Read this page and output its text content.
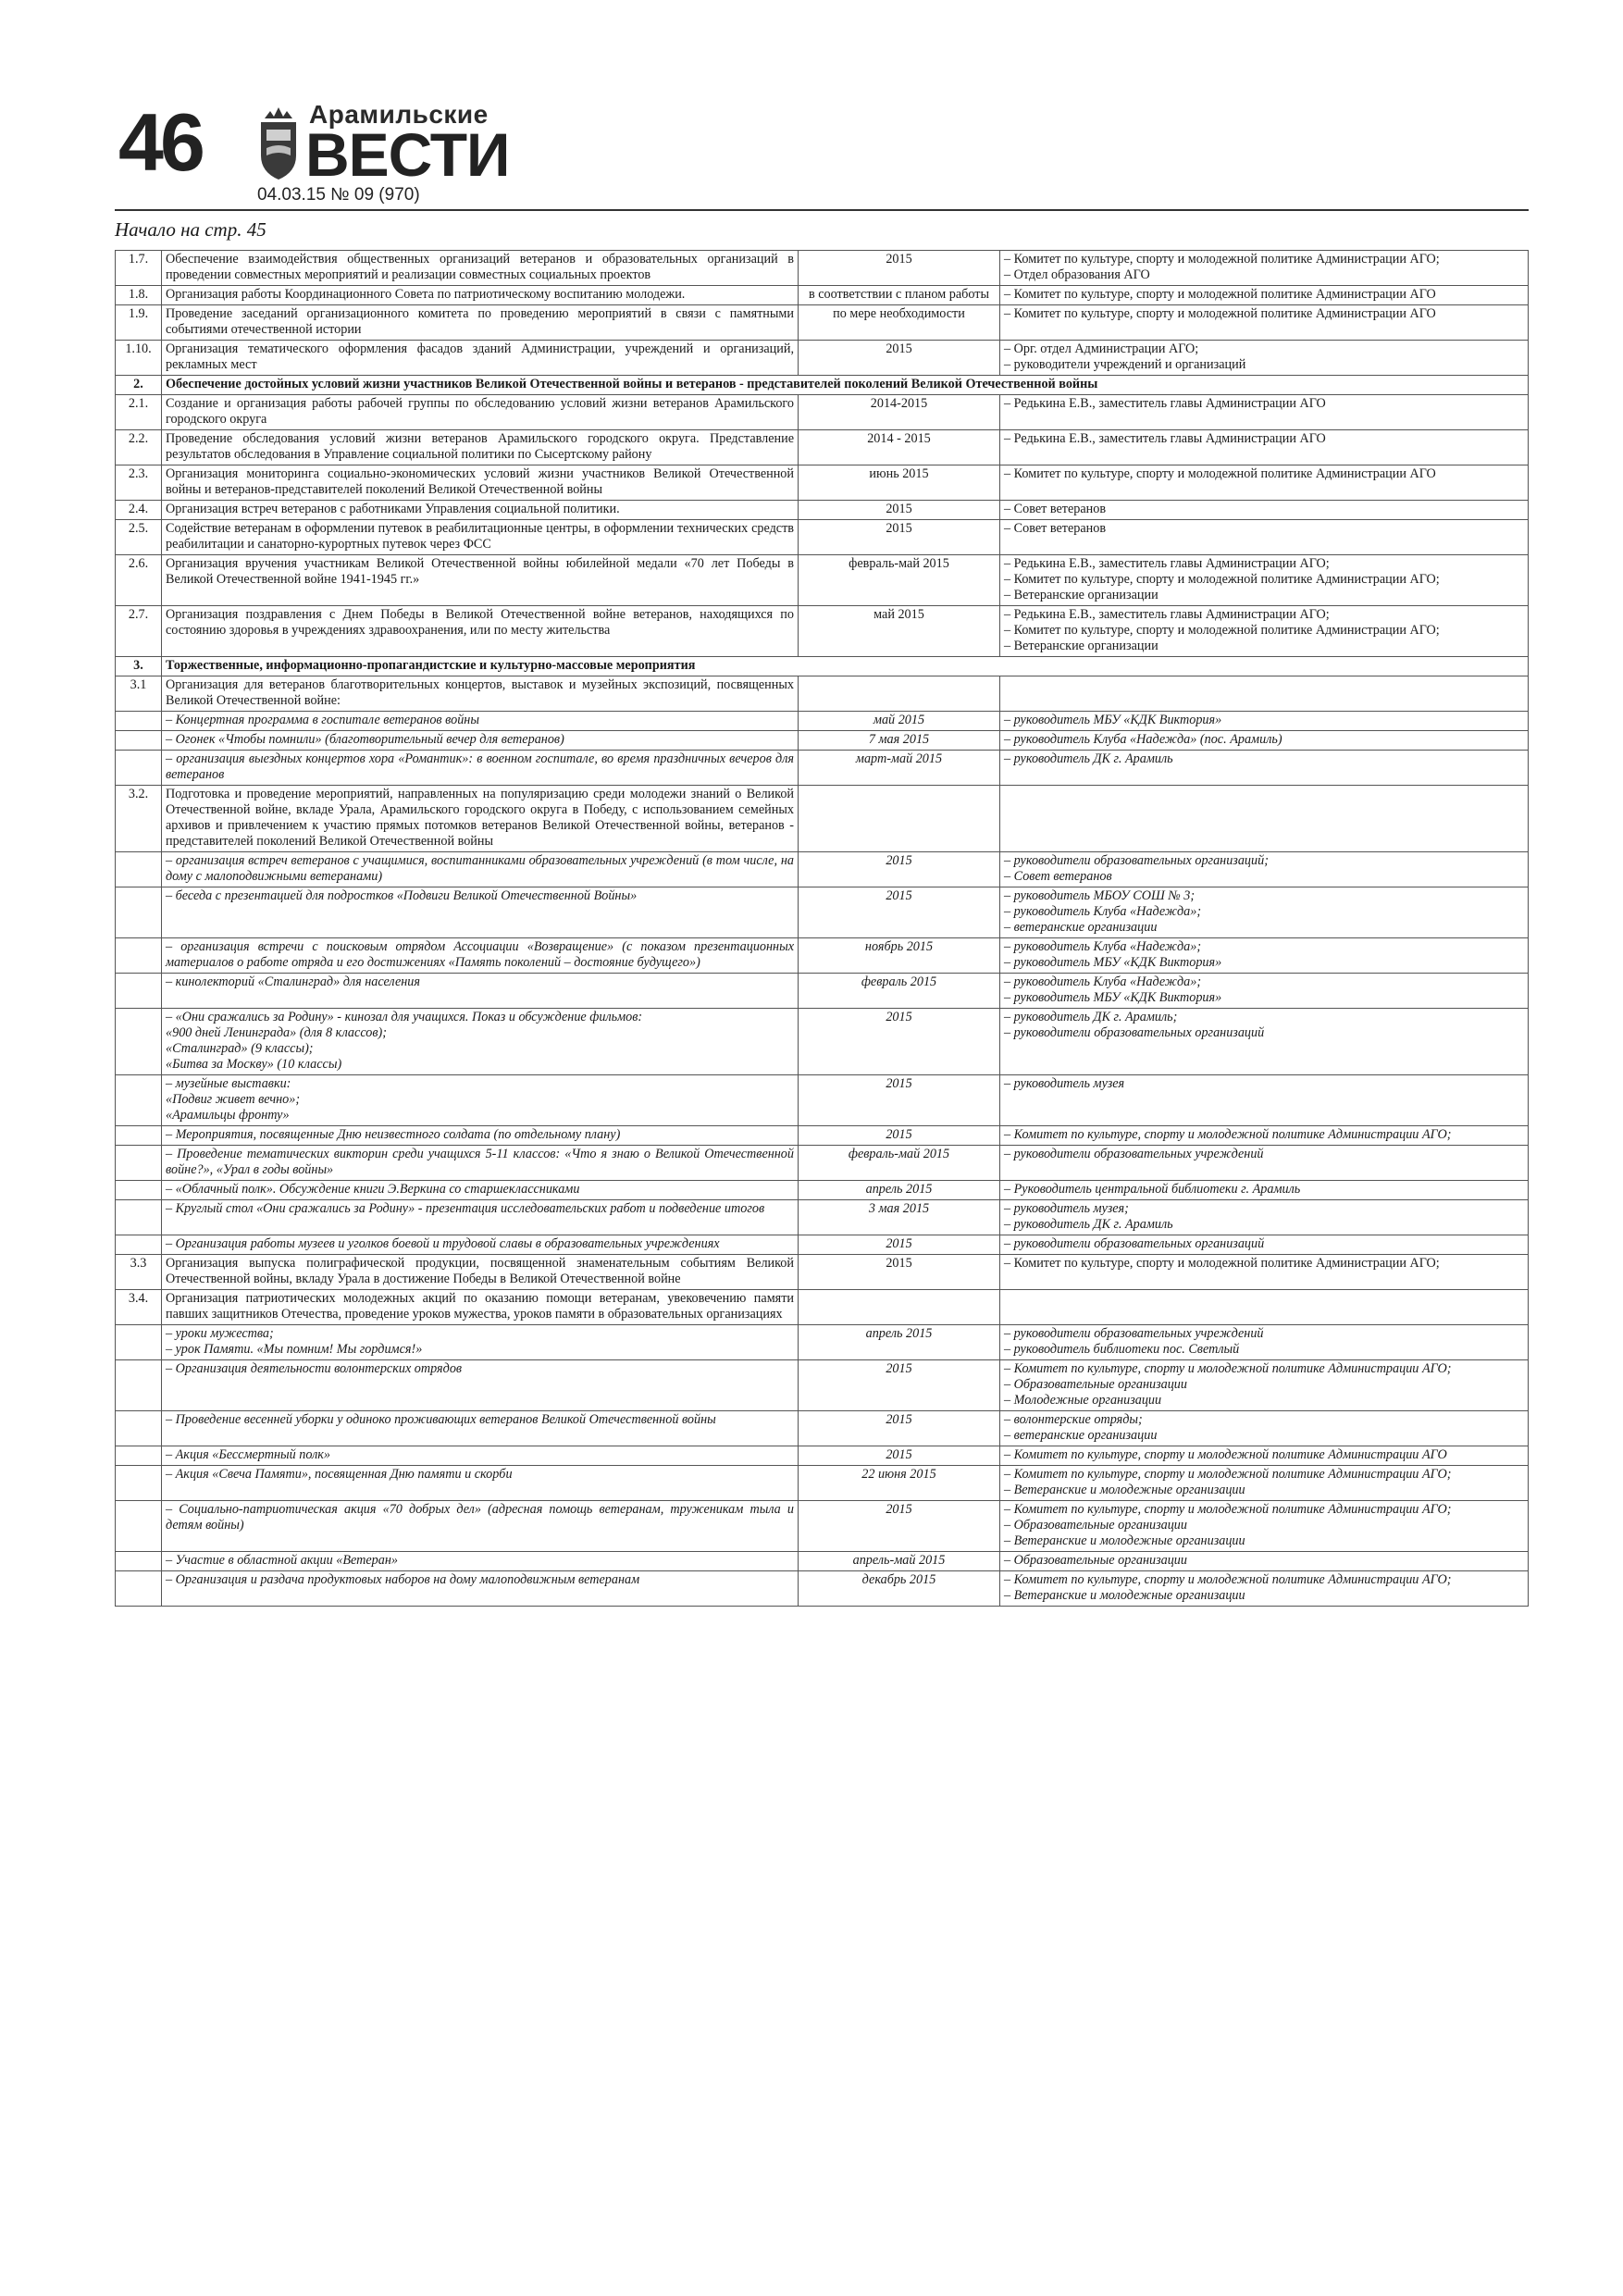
46	Арамильские
ВЕСТИ
04.03.15 № 09 (970)
Начало на стр. 45
1.7.	Обеспечение взаимодействия общественных организаций ветеранов и образовательных организаций в проведении совместных мероприятий и реализации совместных социальных проектов	2015	– Комитет по культуре, спорту и молодежной политике Администрации АГО;
– Отдел образования АГО

1.8.	Организация работы Координационного Совета по патриотическому воспитанию молодежи.	в соответствии с планом работы	– Комитет по культуре, спорту и молодежной политике Администрации АГО

1.9.	Проведение заседаний организационного комитета по проведению мероприятий в связи с памятными событиями отечественной истории	по мере необходимости	– Комитет по культуре, спорту и молодежной политике Администрации АГО

1.10.	Организация тематического оформления фасадов зданий Администрации, учреждений и организаций, рекламных мест	2015	– Орг. отдел Администрации АГО;
– руководители учреждений и организаций

2.	Обеспечение достойных условий жизни участников Великой Отечественной войны и ветеранов - представителей поколений Великой Отечественной войны		
2.1.	Создание и организация работы рабочей группы по обследованию условий жизни ветеранов Арамильского городского округа	2014-2015	– Редькина Е.В., заместитель главы Администрации АГО

2.2.	Проведение обследования условий жизни ветеранов Арамильского городского округа. Представление результатов обследования в Управление социальной политики по Сысертскому району	2014 - 2015	– Редькина Е.В., заместитель главы Администрации АГО

2.3.	Организация мониторинга социально-экономических условий жизни участников Великой Отечественной войны и ветеранов-представителей поколений Великой Отечественной войны	июнь 2015	– Комитет по культуре, спорту и молодежной политике Администрации АГО

2.4.	Организация встреч ветеранов с работниками Управления социальной политики.	2015	– Совет ветеранов

2.5.	Содействие ветеранам в оформлении путевок в реабилитационные центры, в оформлении технических средств реабилитации и санаторно-курортных путевок через ФСС	2015	– Совет ветеранов

2.6.	Организация вручения участникам Великой Отечественной войны юбилейной медали «70 лет Победы в Великой Отечественной войне 1941-1945 гг.»	февраль-май 2015	– Редькина Е.В., заместитель главы Администрации АГО;
– Комитет по культуре, спорту и молодежной политике Администрации АГО;
– Ветеранские организации

2.7.	Организация поздравления с Днем Победы в Великой Отечественной войне ветеранов, находящихся по состоянию здоровья в учреждениях здравоохранения, или по месту жительства	май 2015	– Редькина Е.В., заместитель главы Администрации АГО;
– Комитет по культуре, спорту и молодежной политике Администрации АГО;
– Ветеранские организации

3.	Торжественные, информационно-пропагандистские и культурно-массовые мероприятия		
3.1	Организация для ветеранов благотворительных концертов, выставок и музейных экспозиций, посвященных Великой Отечественной войне:		

	– Концертная программа в госпитале ветеранов войны	май 2015	– руководитель МБУ «КДК Виктория»

	– Огонек «Чтобы помнили» (благотворительный вечер для ветеранов)	7 мая 2015	– руководитель Клуба «Надежда» (пос. Арамиль)

	– организация выездных концертов хора «Романтик»: в военном госпитале, во время праздничных вечеров для ветеранов	март-май 2015	– руководитель ДК г. Арамиль

3.2.	Подготовка и проведение мероприятий, направленных на популяризацию среди молодежи знаний о Великой Отечественной войне, вкладе Урала, Арамильского городского округа в Победу, с использованием семейных архивов и привлечением к участию прямых потомков ветеранов Великой Отечественной войны, ветеранов - представителей поколений Великой Отечественной войны		

	– организация встреч ветеранов с учащимися, воспитанниками образовательных учреждений (в том числе, на дому с малоподвижными ветеранами)	2015	– руководители образовательных организаций;
– Совет ветеранов

	– беседа с презентацией для подростков «Подвиги Великой Отечественной Войны»	2015	– руководитель МБОУ СОШ № 3;
– руководитель Клуба «Надежда»;
– ветеранские организации

	– организация встречи с поисковым отрядом Ассоциации «Возвращение» (с показом презентационных материалов о работе отряда и его достижениях «Память поколений – достояние будущего»)	ноябрь 2015	– руководитель Клуба «Надежда»;
– руководитель МБУ «КДК Виктория»

	– кинолекторий «Сталинград» для населения	февраль 2015	– руководитель Клуба «Надежда»;
– руководитель МБУ «КДК Виктория»

	– «Они сражались за Родину» - кинозал для учащихся. Показ и обсуждение фильмов:
«900 дней Ленинграда» (для 8 классов);
«Сталинград» (9 классы);
«Битва за Москву» (10 классы)	2015	– руководитель ДК г. Арамиль;
– руководители образовательных организаций

	– музейные выставки:
«Подвиг живет вечно»;
«Арамильцы фронту»	2015	– руководитель музея

	– Мероприятия, посвященные Дню неизвестного солдата (по отдельному плану)	2015	– Комитет по культуре, спорту и молодежной политике Администрации АГО;

	– Проведение тематических викторин среди учащихся 5-11 классов: «Что я знаю о Великой Отечественной войне?», «Урал в годы войны»	февраль-май 2015	– руководители образовательных учреждений

	– «Облачный полк». Обсуждение книги Э.Веркина со старшеклассниками	апрель 2015	– Руководитель центральной библиотеки г. Арамиль

	– Круглый стол «Они сражались за Родину» - презентация исследовательских работ и подведение итогов	3 мая 2015	– руководитель музея;
– руководитель ДК г. Арамиль

	– Организация работы музеев и уголков боевой и трудовой славы в образовательных учреждениях	2015	– руководители образовательных организаций

3.3	Организация выпуска полиграфической продукции, посвященной знаменательным событиям Великой Отечественной войны, вкладу Урала в достижение Победы в Великой Отечественной войне	2015	– Комитет по культуре, спорту и молодежной политике Администрации АГО;

3.4.	Организация патриотических молодежных акций по оказанию помощи ветеранам, увековечению памяти павших защитников Отечества, проведение уроков мужества, уроков памяти в образовательных организациях		

	– уроки мужества;
– урок Памяти. «Мы помним! Мы гордимся!»	апрель 2015	– руководители образовательных учреждений
– руководитель библиотеки пос. Светлый

	– Организация деятельности волонтерских отрядов	2015	– Комитет по культуре, спорту и молодежной политике Администрации АГО;
– Образовательные организации
– Молодежные организации

	– Проведение весенней уборки у одиноко проживающих ветеранов Великой Отечественной войны	2015	– волонтерские отряды;
– ветеранские организации

	– Акция «Бессмертный полк»	2015	– Комитет по культуре, спорту и молодежной политике Администрации АГО

	– Акция «Свеча Памяти», посвященная Дню памяти и скорби	22 июня 2015	– Комитет по культуре, спорту и молодежной политике Администрации АГО;
– Ветеранские и молодежные организации

	– Социально-патриотическая акция «70 добрых дел» (адресная помощь ветеранам, труженикам тыла и детям войны)	2015	– Комитет по культуре, спорту и молодежной политике Администрации АГО;
– Образовательные организации
– Ветеранские и молодежные организации

	– Участие в областной акции «Ветеран»	апрель-май 2015	– Образовательные организации

	– Организация и раздача продуктовых наборов на дому малоподвижным ветеранам	декабрь 2015	– Комитет по культуре, спорту и молодежной политике Администрации АГО;
– Ветеранские и молодежные организации
